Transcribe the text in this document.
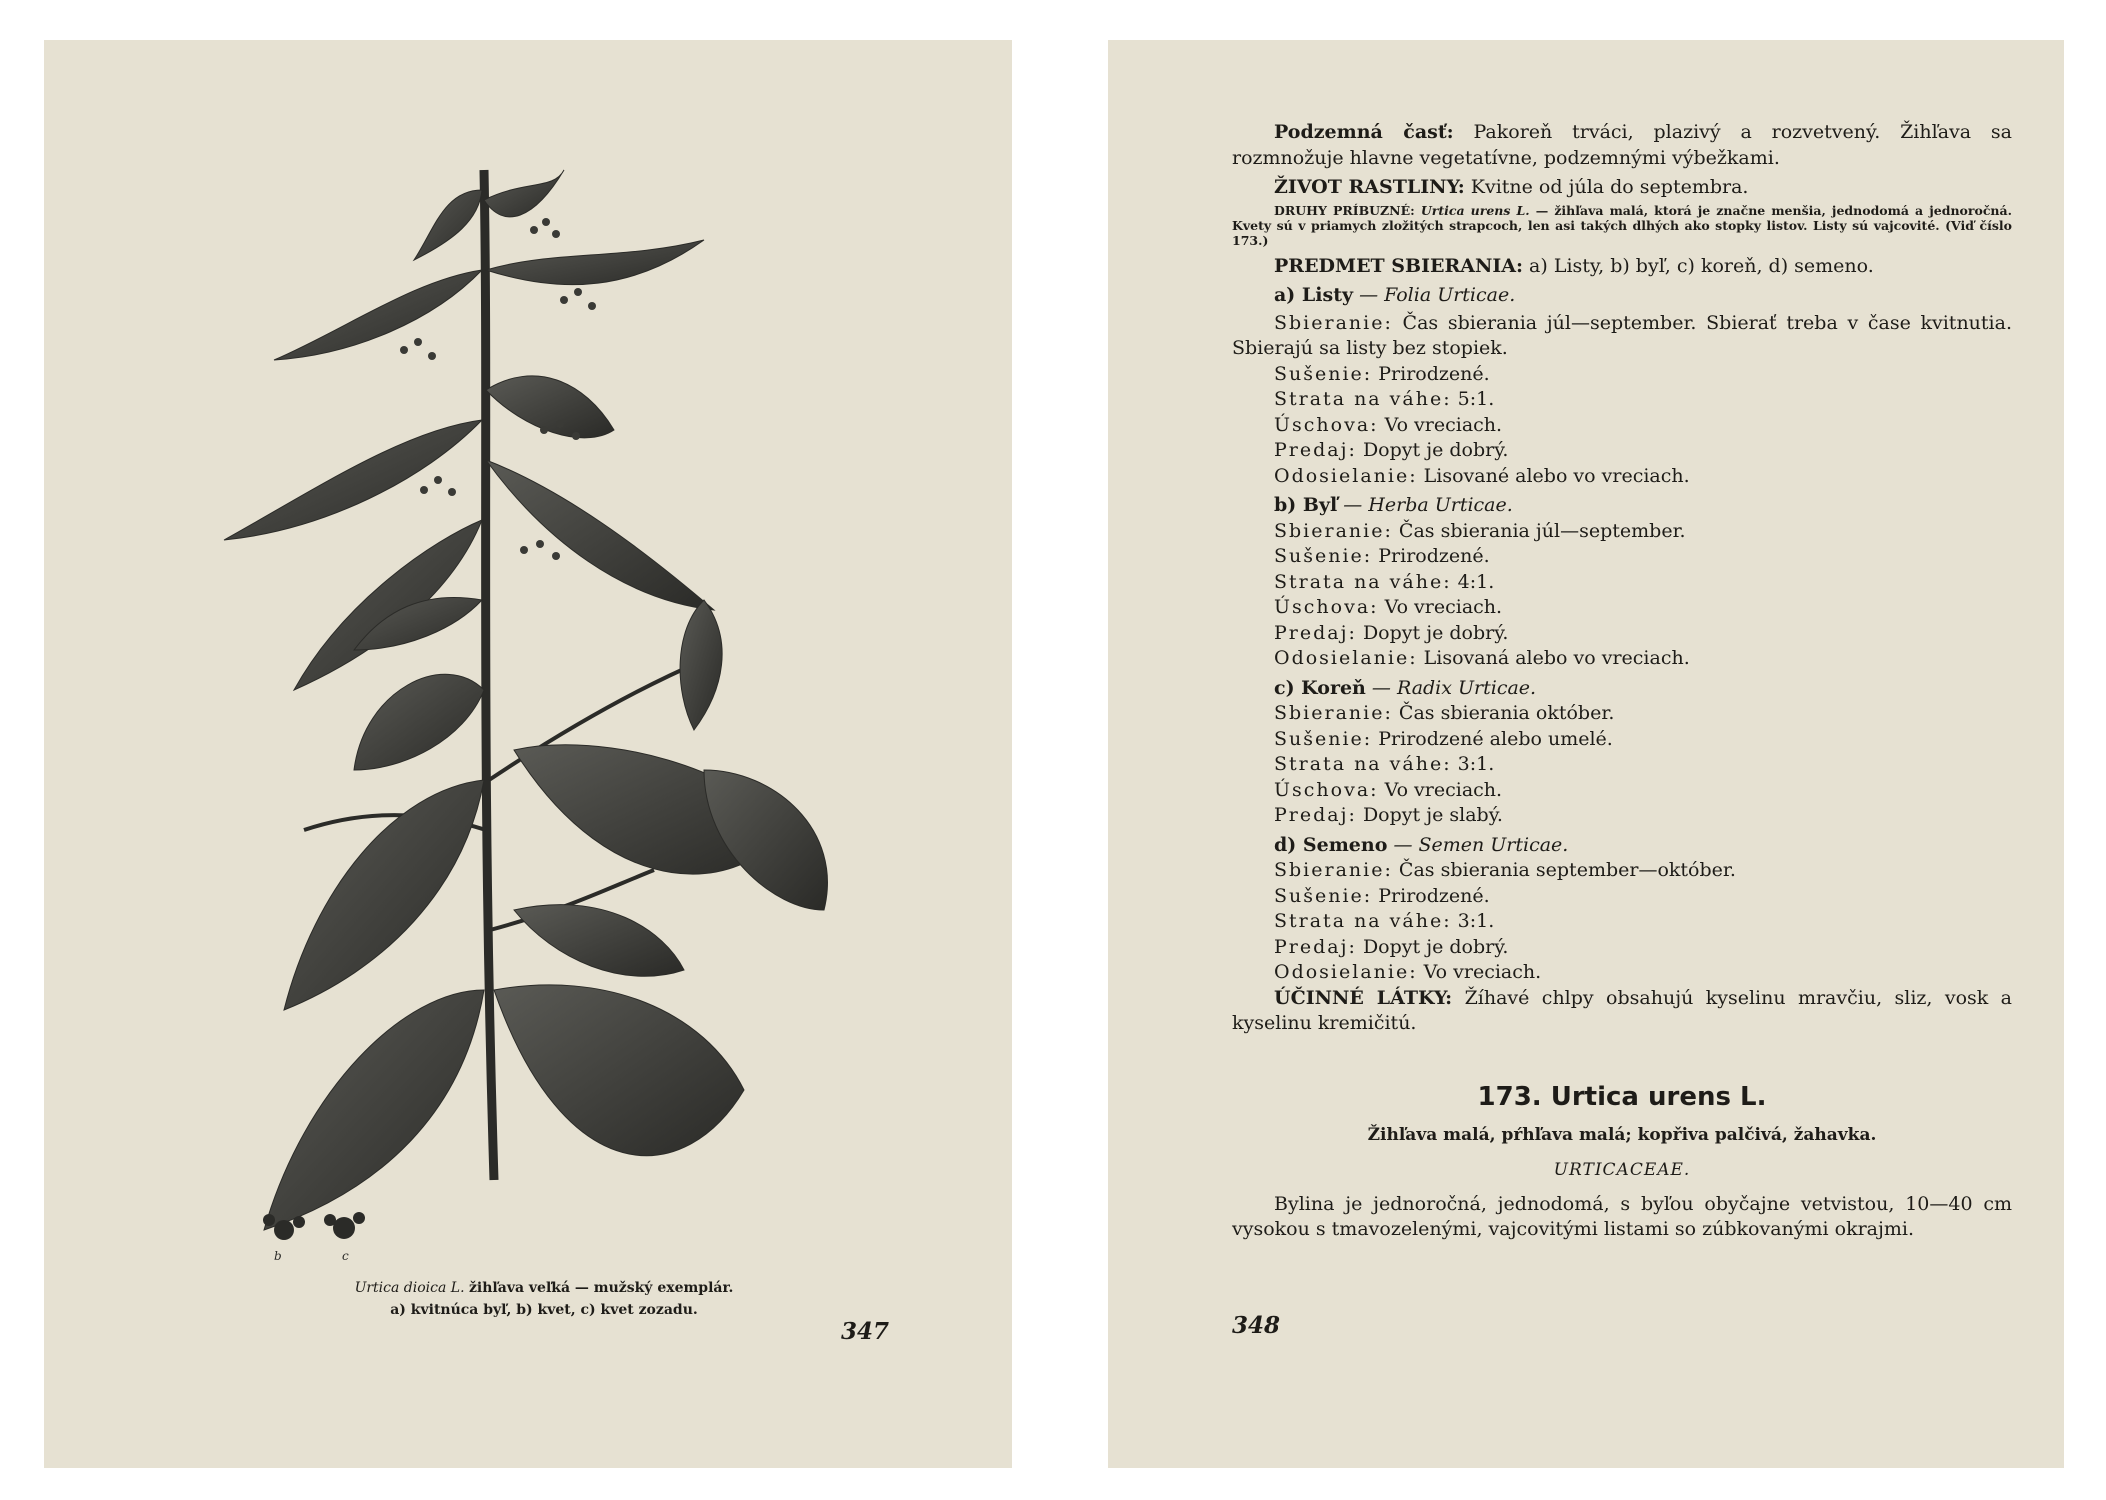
b	c
Urtica dioica L. žihľava veľká — mužský exemplár.
a) kvitnúca byľ, b) kvet, c) kvet zozadu.
347

Podzemná časť: Pakoreň trváci, plazivý a rozvetvený. Žihľava sa rozmnožuje hlavne vegetatívne, podzemnými výbežkami.

ŽIVOT RASTLINY: Kvitne od júla do septembra.

DRUHY PRÍBUZNÉ: Urtica urens L. — žihľava malá, ktorá je značne menšia, jednodomá a jednoročná. Kvety sú v priamych zložitých strapcoch, len asi takých dlhých ako stopky listov. Listy sú vajcovité. (Viď číslo 173.)

PREDMET SBIERANIA: a) Listy, b) byľ, c) koreň, d) semeno.

a) Listy — Folia Urticae.

Sbieranie: Čas sbierania júl—september. Sbierať treba v čase kvitnutia. Sbierajú sa listy bez stopiek.

Sušenie: Prirodzené.

Strata na váhe: 5:1.

Úschova: Vo vreciach.

Predaj: Dopyt je dobrý.

Odosielanie: Lisované alebo vo vreciach.

b) Byľ — Herba Urticae.

Sbieranie: Čas sbierania júl—september.

Sušenie: Prirodzené.

Strata na váhe: 4:1.

Úschova: Vo vreciach.

Predaj: Dopyt je dobrý.

Odosielanie: Lisovaná alebo vo vreciach.

c) Koreň — Radix Urticae.

Sbieranie: Čas sbierania október.

Sušenie: Prirodzené alebo umelé.

Strata na váhe: 3:1.

Úschova: Vo vreciach.

Predaj: Dopyt je slabý.

d) Semeno — Semen Urticae.

Sbieranie: Čas sbierania september—október.

Sušenie: Prirodzené.

Strata na váhe: 3:1.

Predaj: Dopyt je dobrý.

Odosielanie: Vo vreciach.

ÚČINNÉ LÁTKY: Žíhavé chlpy obsahujú kyselinu mravčiu, sliz, vosk a kyselinu kremičitú.

173. Urtica urens L.

Žihľava malá, pŕhľava malá; kopřiva palčivá, žahavka.

URTICACEAE.

Bylina je jednoročná, jednodomá, s byľou obyčajne vetvistou, 10—40 cm vysokou s tmavozelenými, vajcovitými listami so zúbkovanými okrajmi.

348
